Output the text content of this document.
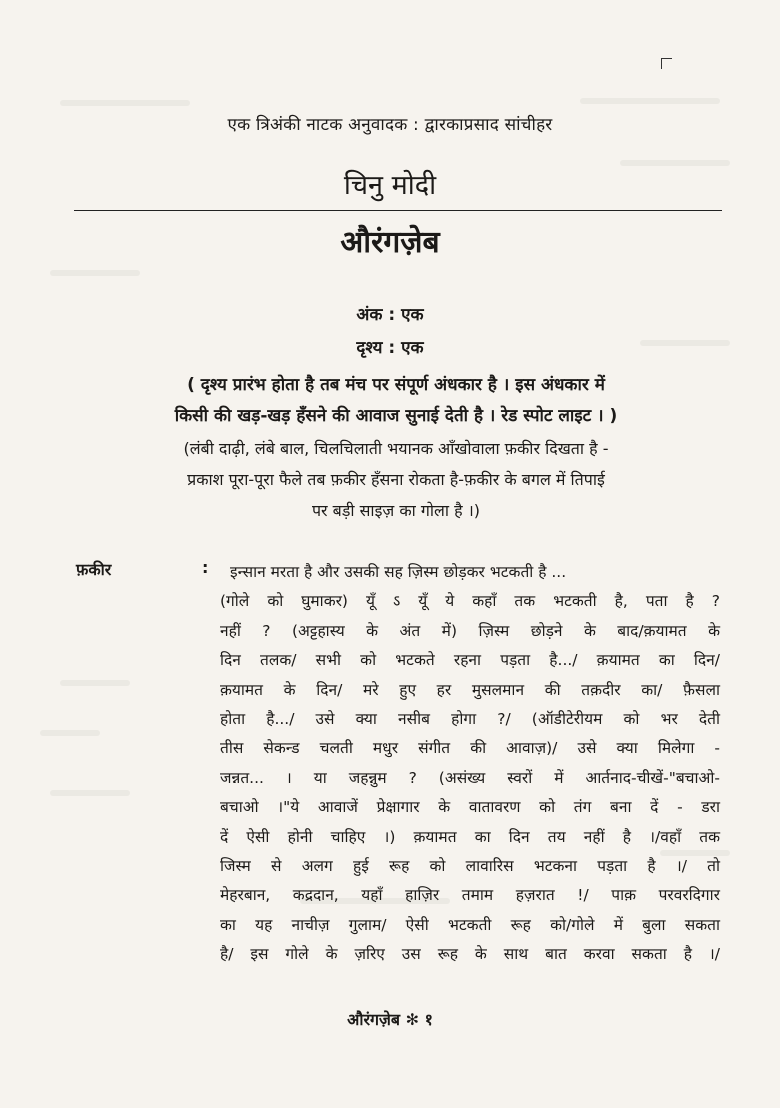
एक त्रिअंकी नाटक अनुवादक : द्वारकाप्रसाद सांचीहर
चिनु मोदी
औरंगज़ेब
अंक : एक
दृश्य : एक
( दृश्य प्रारंभ होता है तब मंच पर संपूर्ण अंधकार है । इस अंधकार में
किसी की खड़-खड़ हँसने की आवाज सुनाई देती है । रेड स्पोट लाइट । )
(लंबी दाढ़ी, लंबे बाल, चिलचिलाती भयानक आँखोवाला फ़कीर दिखता है -
प्रकाश पूरा-पूरा फैले तब फ़कीर हँसना रोकता है-फ़कीर के बगल में तिपाई
पर बड़ी साइज़ का गोला है ।)
फ़कीर	: इन्सान मरता है और उसकी सह ज़िस्म छोड़कर भटकती है ...
(गोले को घुमाकर) यूँ ऽ यूँ ये कहाँ तक भटकती है, पता है ?
नहीं ? (अट्टहास्य के अंत में) ज़िस्म छोड़ने के बाद/क़यामत के
दिन तलक/ सभी को भटकते रहना पड़ता है.../ क़यामत का दिन/
क़यामत के दिन/ मरे हुए हर मुसलमान की तक़दीर का/ फ़ैसला
होता है.../ उसे क्या नसीब होगा ?/ (ऑडीटेरीयम को भर देती
तीस सेकन्ड चलती मधुर संगीत की आवाज़)/ उसे क्या मिलेगा -
जन्नत... । या जहन्नुम ? (असंख्य स्वरों में आर्तनाद-चीखें-"बचाओ-
बचाओ ।"ये आवाजें प्रेक्षागार के वातावरण को तंग बना दें - डरा
दें ऐसी होनी चाहिए ।) क़यामत का दिन तय नहीं है ।/वहाँ तक
जिस्म से अलग हुई रूह को लावारिस भटकना पड़ता है ।/ तो
मेहरबान, कद्रदान, यहाँ हाज़िर तमाम हज़रात !/ पाक़ परवरदिगार
का यह नाचीज़ गुलाम/ ऐसी भटकती रूह को/गोले में बुला सकता
है/ इस गोले के ज़रिए उस रूह के साथ बात करवा सकता है ।/
औरंगज़ेब ✻ १
